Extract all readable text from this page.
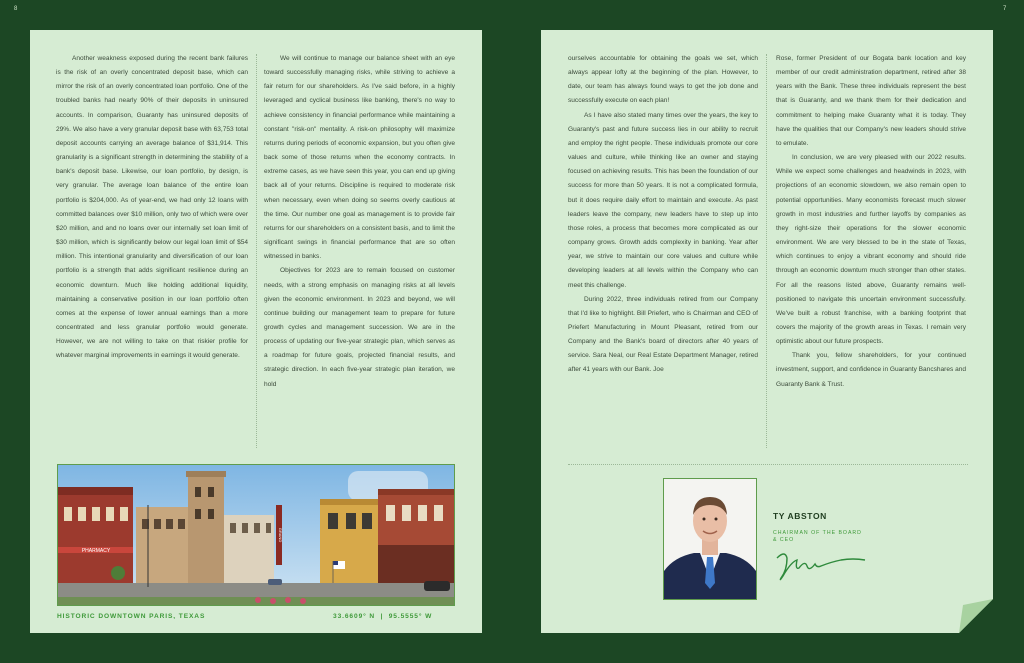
8	7

Another weakness exposed during the recent bank failures is the risk of an overly concentrated deposit base, which can mirror the risk of an overly concentrated loan portfolio. One of the troubled banks had nearly 90% of their deposits in uninsured accounts. In comparison, Guaranty has uninsured deposits of 29%. We also have a very granular deposit base with 63,753 total deposit accounts carrying an average balance of $31,914. This granularity is a significant strength in determining the stability of a bank's deposit base. Likewise, our loan portfolio, by design, is very granular. The average loan balance of the entire loan portfolio is $204,000. As of year-end, we had only 12 loans with committed balances over $10 million, only two of which were over $20 million, and and no loans over our internally set loan limit of $30 million, which is significantly below our legal loan limit of $54 million. This intentional granularity and diversification of our loan portfolio is a strength that adds significant resilience during an economic downturn. Much like holding additional liquidity, maintaining a conservative position in our loan portfolio often comes at the expense of lower annual earnings than a more concentrated and less granular portfolio would generate. However, we are not willing to take on that riskier profile for whatever marginal improvements in earnings it would generate.

We will continue to manage our balance sheet with an eye toward successfully managing risks, while striving to achieve a fair return for our shareholders. As I've said before, in a highly leveraged and cyclical business like banking, there's no way to achieve consistency in financial performance while maintaining a constant "risk-on" mentality. A risk-on philosophy will maximize returns during periods of economic expansion, but you often give back some of those returns when the economy contracts. In extreme cases, as we have seen this year, you can end up giving back all of your returns. Discipline is required to moderate risk when necessary, even when doing so seems overly cautious at the time. Our number one goal as management is to provide fair returns for our shareholders on a consistent basis, and to limit the significant swings in financial performance that are so often witnessed in banks.

Objectives for 2023 are to remain focused on customer needs, with a strong emphasis on managing risks at all levels given the economic environment. In 2023 and beyond, we will continue building our management team to prepare for future growth cycles and management succession. We are in the process of updating our five-year strategic plan, which serves as a roadmap for future goals, projected financial results, and strategic direction. In each five-year strategic plan iteration, we hold

PHARMACY
GRAND
HISTORIC DOWNTOWN PARIS, TEXAS	33.6609° N  |  95.5555° W

ourselves accountable for obtaining the goals we set, which always appear lofty at the beginning of the plan. However, to date, our team has always found ways to get the job done and successfully execute on each plan!

As I have also stated many times over the years, the key to Guaranty's past and future success lies in our ability to recruit and employ the right people. These individuals promote our core values and culture, while thinking like an owner and staying focused on achieving results. This has been the foundation of our success for more than 50 years. It is not a complicated formula, but it does require daily effort to maintain and execute. As past leaders leave the company, new leaders have to step up into those roles, a process that becomes more complicated as our company grows. Growth adds complexity in banking. Year after year, we strive to maintain our core values and culture while developing leaders at all levels within the Company who can meet this challenge.

During 2022, three individuals retired from our Company that I'd like to highlight. Bill Priefert, who is Chairman and CEO of Priefert Manufacturing in Mount Pleasant, retired from our Company and the Bank's board of directors after 40 years of service. Sara Neal, our Real Estate Department Manager, retired after 41 years with our Bank. Joe

Rose, former President of our Bogata bank location and key member of our credit administration department, retired after 38 years with the Bank. These three individuals represent the best that is Guaranty, and we thank them for their dedication and commitment to helping make Guaranty what it is today. They have the qualities that our Company's new leaders should strive to emulate.

In conclusion, we are very pleased with our 2022 results. While we expect some challenges and headwinds in 2023, with projections of an economic slowdown, we also remain open to potential opportunities. Many economists forecast much slower growth in most industries and further layoffs by companies as they right-size their operations for the slower economic environment. We are very blessed to be in the state of Texas, which continues to enjoy a vibrant economy and should ride through an economic downturn much stronger than other states. For all the reasons listed above, Guaranty remains well-positioned to navigate this uncertain environment successfully. We've built a robust franchise, with a banking footprint that covers the majority of the growth areas in Texas. I remain very optimistic about our future prospects.

Thank you, fellow shareholders, for your continued investment, support, and confidence in Guaranty Bancshares and Guaranty Bank & Trust.

TY ABSTON
CHAIRMAN OF THE BOARD & CEO
